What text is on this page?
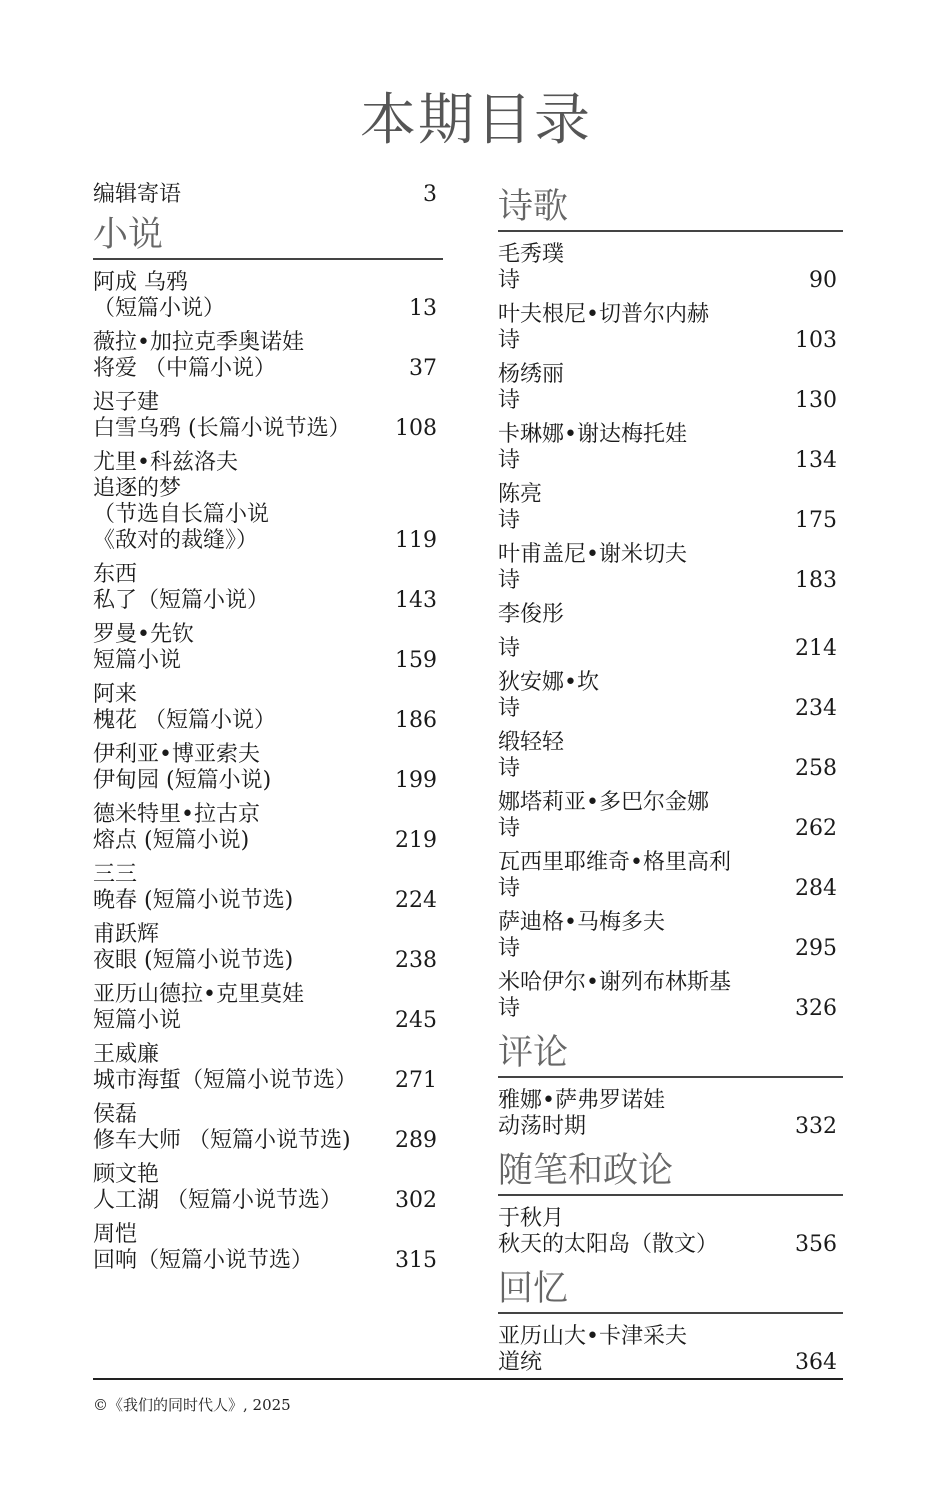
本期目录
编辑寄语	3
小说
阿成 乌鸦
（短篇小说）	13
薇拉•加拉克季奥诺娃
将爱 （中篇小说）	37
迟子建
白雪乌鸦 (长篇小说节选）	108
尤里•科兹洛夫
追逐的梦
（节选自长篇小说
《敌对的裁缝》）	119
东西
私了（短篇小说）	143
罗曼•先钦
短篇小说	159
阿来
槐花 （短篇小说）	186
伊利亚•博亚索夫
伊甸园 (短篇小说)	199
德米特里•拉古京
熔点 (短篇小说)	219
三三
晚春 (短篇小说节选)	224
甫跃辉
夜眼 (短篇小说节选)	238
亚历山德拉•克里莫娃
短篇小说	245
王威廉
城市海蜇（短篇小说节选）	271
侯磊
修车大师 （短篇小说节选)	289
顾文艳
人工湖 （短篇小说节选）	302
周恺
回响（短篇小说节选）	315
诗歌
毛秀璞
诗	90
叶夫根尼•切普尔内赫
诗	103
杨绣丽
诗	130
卡琳娜•谢达梅托娃
诗	134
陈亮
诗	175
叶甫盖尼•谢米切夫
诗	183
李俊彤
诗	214
狄安娜•坎
诗	234
缎轻轻
诗	258
娜塔莉亚•多巴尔金娜
诗	262
瓦西里耶维奇•格里高利
诗	284
萨迪格•马梅多夫
诗	295
米哈伊尔•谢列布林斯基
诗	326
评论
雅娜•萨弗罗诺娃
动荡时期	332
随笔和政论
于秋月
秋天的太阳岛（散文）	356
回忆
亚历山大•卡津采夫
道统	364
©《我们的同时代人》, 2025
